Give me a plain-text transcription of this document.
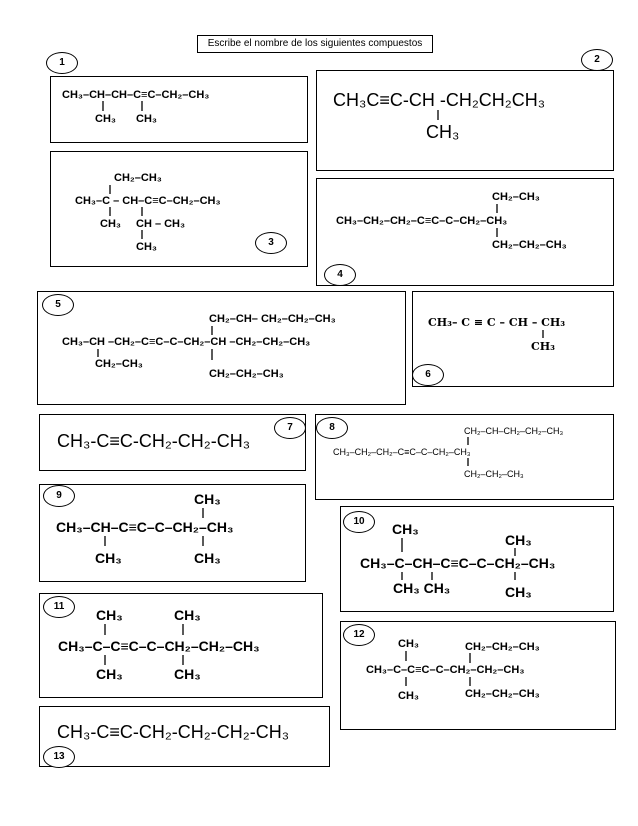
Escribe el nombre de los siguientes compuestos
CH₃–CH–CH–C≡C–CH₂–CH₃
CH₃ CH₃
CH₃C≡C-CH -CH₂CH₂CH₃
CH₃
CH₂–CH₃
CH₃–C – CH–C≡C–CH₂–CH₃
CH₃ CH – CH₃
CH₃
CH₂–CH₃
CH₃–CH₂–CH₂–C≡C–C–CH₂–CH₃
CH₂–CH₂–CH₃
CH₂–CH– CH₂–CH₂–CH₃
CH₃–CH –CH₂–C≡C–C–CH₂–CH –CH₂–CH₂–CH₃
CH₂–CH₃
CH₂–CH₂–CH₃
CH₃– C ≡ C – CH – CH₃
CH₃
CH₃-C≡C-CH₂-CH₂-CH₃	CH₂–CH–CH₂–CH₂–CH₃
CH₃–CH₂–CH₂–C≡C–C–CH₂–CH₃
CH₂–CH₂–CH₃
CH₃
CH₃–CH–C≡C–C–CH₂–CH₃
CH₃	CH₃
CH₃
CH₃
CH₃–C–CH–C≡C–C–CH₂–CH₃
CH₃ CH₃	CH₃
CH₃	CH₃
CH₃–C–C≡C–C–CH₂–CH₂–CH₃
CH₃	CH₃
CH₃	CH₂–CH₂–CH₃
CH₃–C–C≡C–C–CH₂–CH₂–CH₃
CH₃	CH₂–CH₂–CH₃
CH₃-C≡C-CH₂-CH₂-CH₂-CH₃
1	2
3
4
5
6
7	8
9
10
11
12
13
